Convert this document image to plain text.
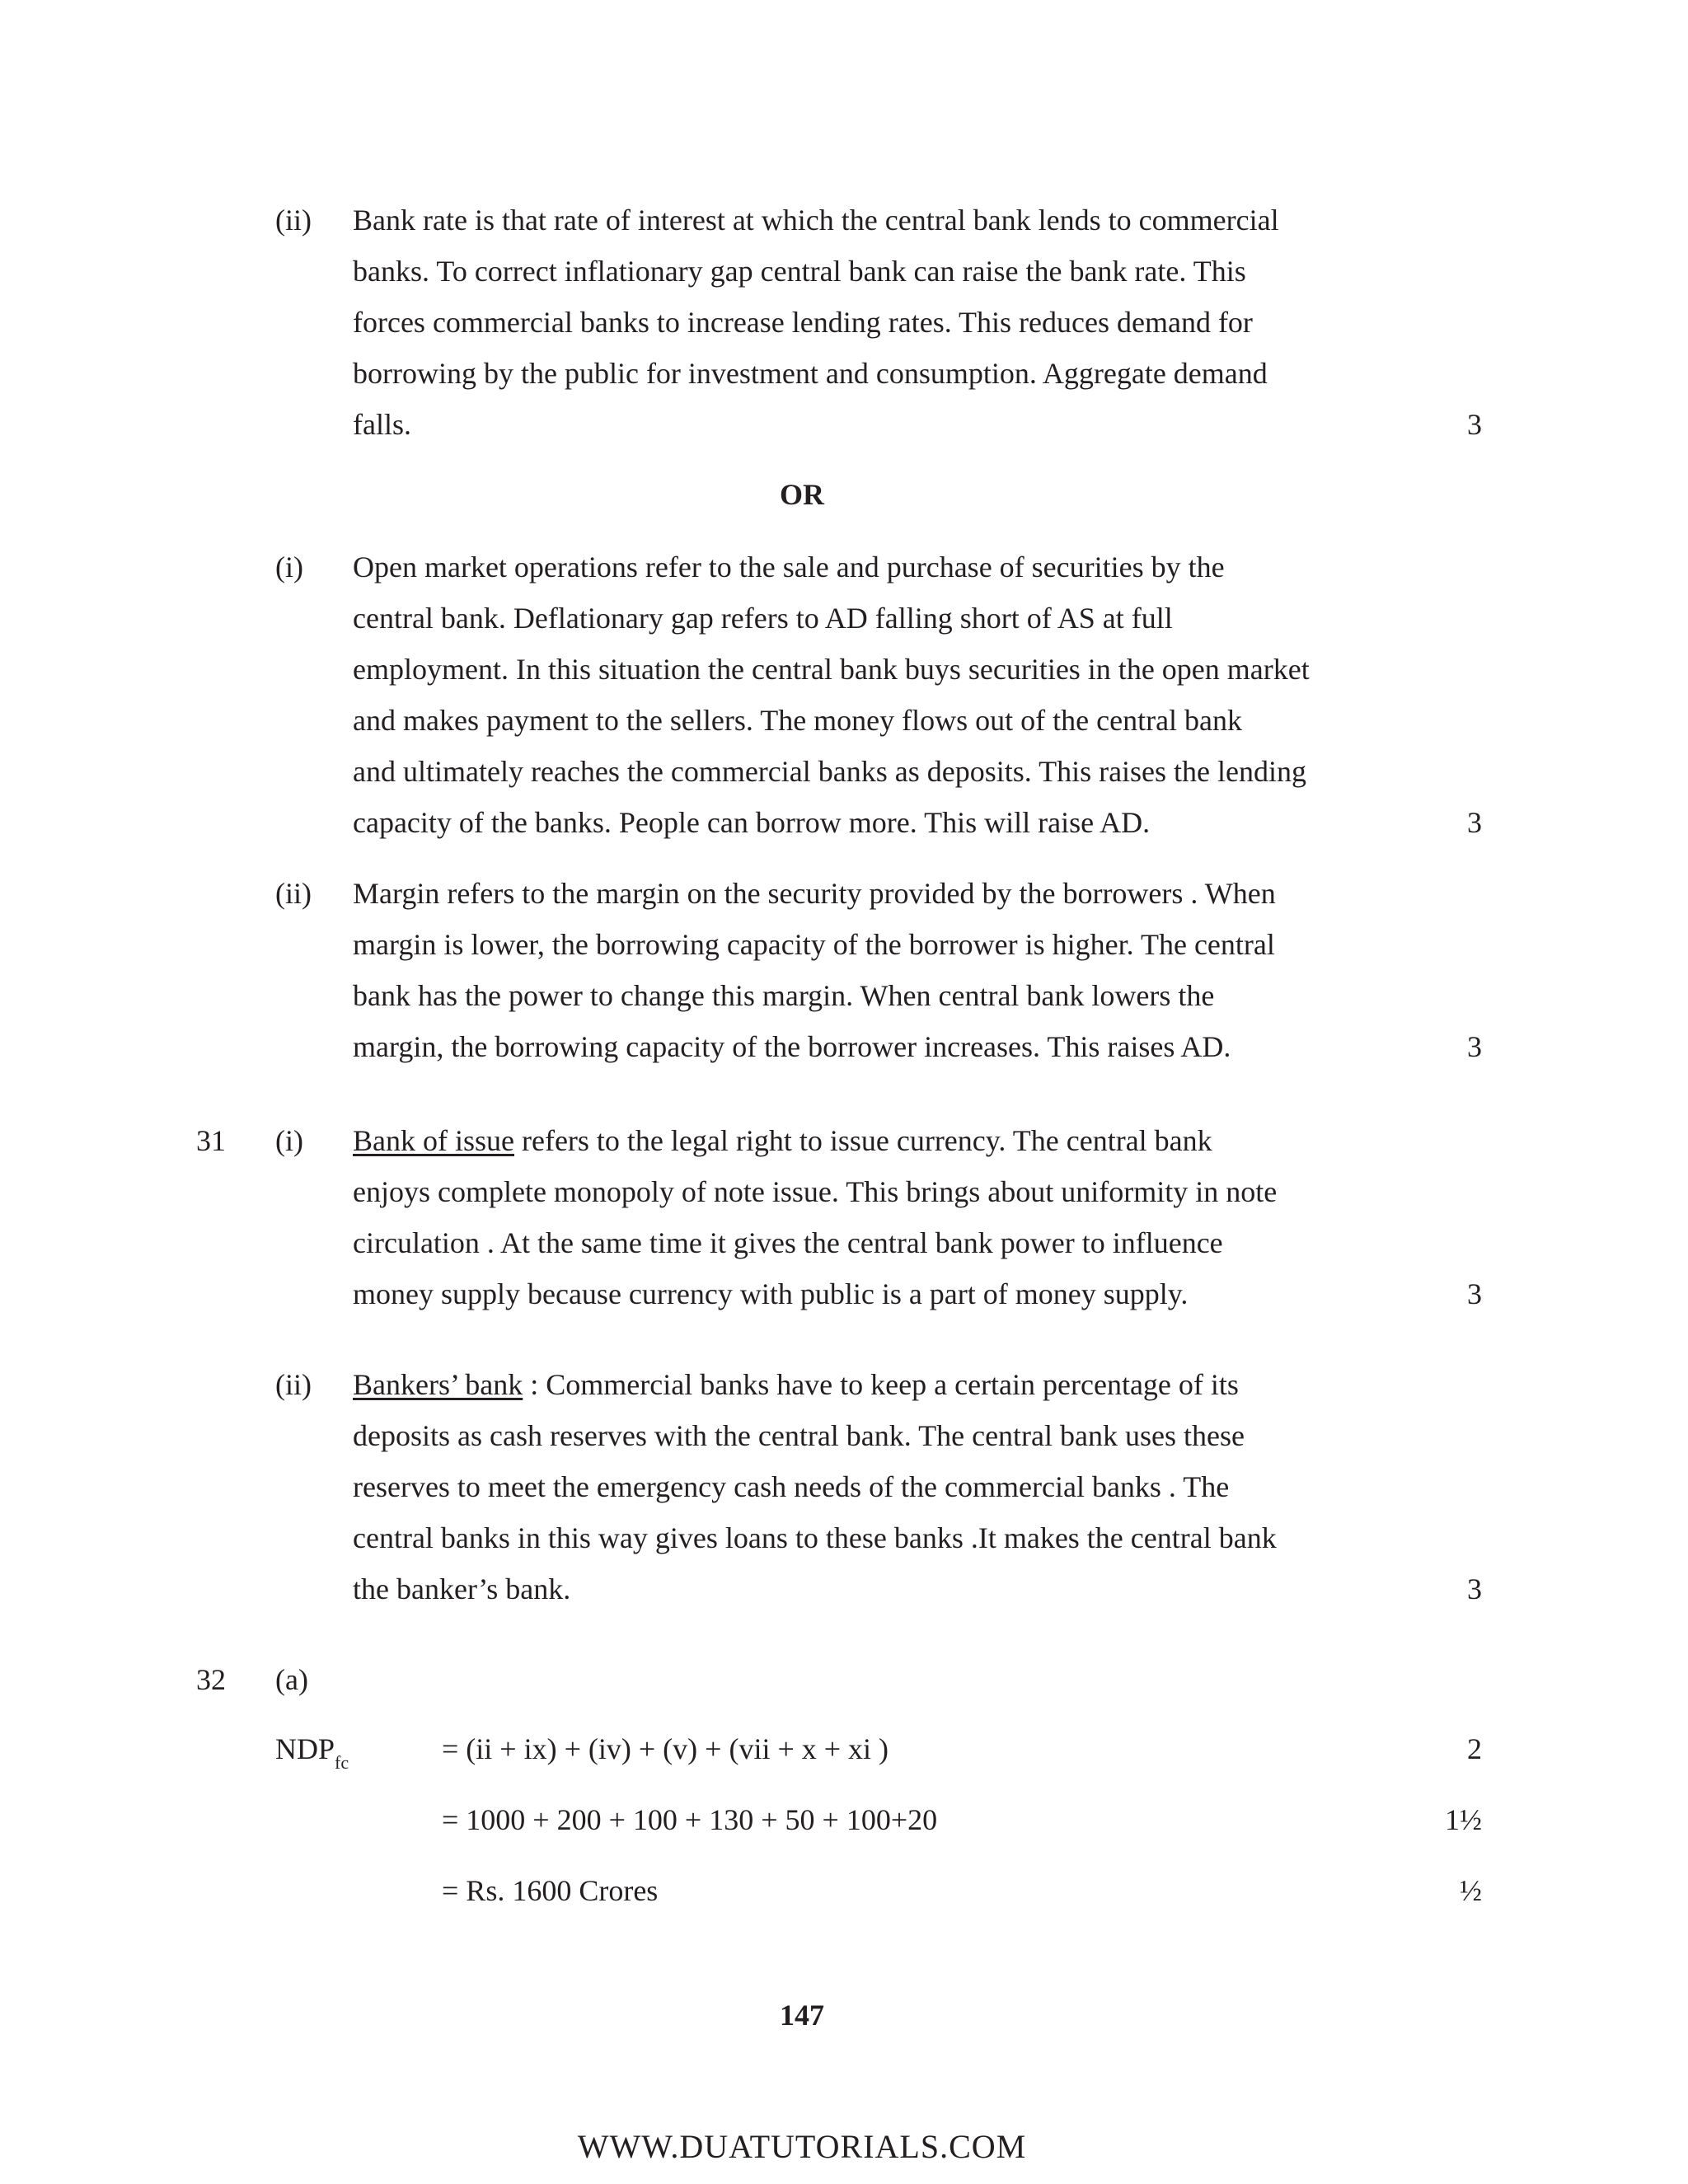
(ii) Bank rate is that rate of interest at which the central bank lends to commercial
banks. To correct inflationary gap central bank can raise the bank rate. This
forces commercial banks to increase lending rates. This reduces demand for
borrowing by the public for investment and consumption. Aggregate demand
falls.	3
OR
(i) Open market operations refer to the sale and purchase of securities by the
central bank. Deflationary gap refers to AD falling short of AS at full
employment. In this situation the central bank buys securities in the open market
and makes payment to the sellers. The money flows out of the central bank
and ultimately reaches the commercial banks as deposits. This raises the lending
capacity of the banks. People can borrow more. This will raise AD.	3
(ii) Margin refers to the margin on the security provided by the borrowers . When
margin is lower, the borrowing capacity of the borrower is higher. The central
bank has the power to change this margin. When central bank lowers the
margin, the borrowing capacity of the borrower increases. This raises AD.	3
31 (i) Bank of issue refers to the legal right to issue currency. The central bank
enjoys complete monopoly of note issue. This brings about uniformity in note
circulation . At the same time it gives the central bank power to influence
money supply because currency with public is a part of money supply.	3
(ii) Bankers’ bank : Commercial banks have to keep a certain percentage of its
deposits as cash reserves with the central bank. The central bank uses these
reserves to meet the emergency cash needs of the commercial banks . The
central banks in this way gives loans to these banks .It makes the central bank
the banker’s bank.	3
32 (a)
$NDP_{fc}$	= (ii + ix) + (iv) + (v) + (vii + x + xi )	2
= 1000 + 200 + 100 + 130 + 50 + 100+20	1½
= Rs. 1600 Crores	½
147
WWW.DUATUTORIALS.COM
